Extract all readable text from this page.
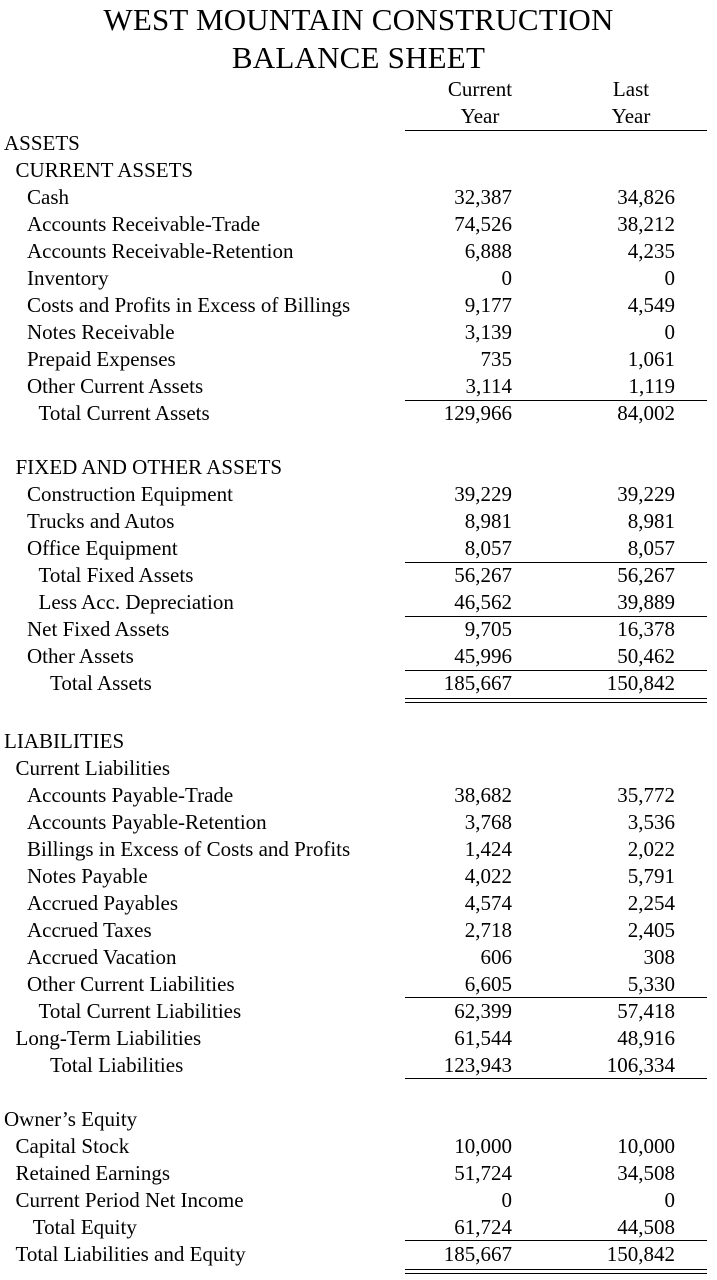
WEST MOUNTAIN CONSTRUCTION
BALANCE SHEET
Current
Year
Last
Year
ASSETS
CURRENT ASSETS
Cash	32,387	34,826
Accounts Receivable-Trade	74,526	38,212
Accounts Receivable-Retention	6,888	4,235
Inventory	0	0
Costs and Profits in Excess of Billings	9,177	4,549
Notes Receivable	3,139	0
Prepaid Expenses	735	1,061
Other Current Assets	3,114	1,119
Total Current Assets	129,966	84,002
FIXED AND OTHER ASSETS
Construction Equipment	39,229	39,229
Trucks and Autos	8,981	8,981
Office Equipment	8,057	8,057
Total Fixed Assets	56,267	56,267
Less Acc. Depreciation	46,562	39,889
Net Fixed Assets	9,705	16,378
Other Assets	45,996	50,462
Total Assets	185,667	150,842
LIABILITIES
Current Liabilities
Accounts Payable-Trade	38,682	35,772
Accounts Payable-Retention	3,768	3,536
Billings in Excess of Costs and Profits	1,424	2,022
Notes Payable	4,022	5,791
Accrued Payables	4,574	2,254
Accrued Taxes	2,718	2,405
Accrued Vacation	606	308
Other Current Liabilities	6,605	5,330
Total Current Liabilities	62,399	57,418
Long-Term Liabilities	61,544	48,916
Total Liabilities	123,943	106,334
Owner’s Equity
Capital Stock	10,000	10,000
Retained Earnings	51,724	34,508
Current Period Net Income	0	0
Total Equity	61,724	44,508
Total Liabilities and Equity	185,667	150,842
